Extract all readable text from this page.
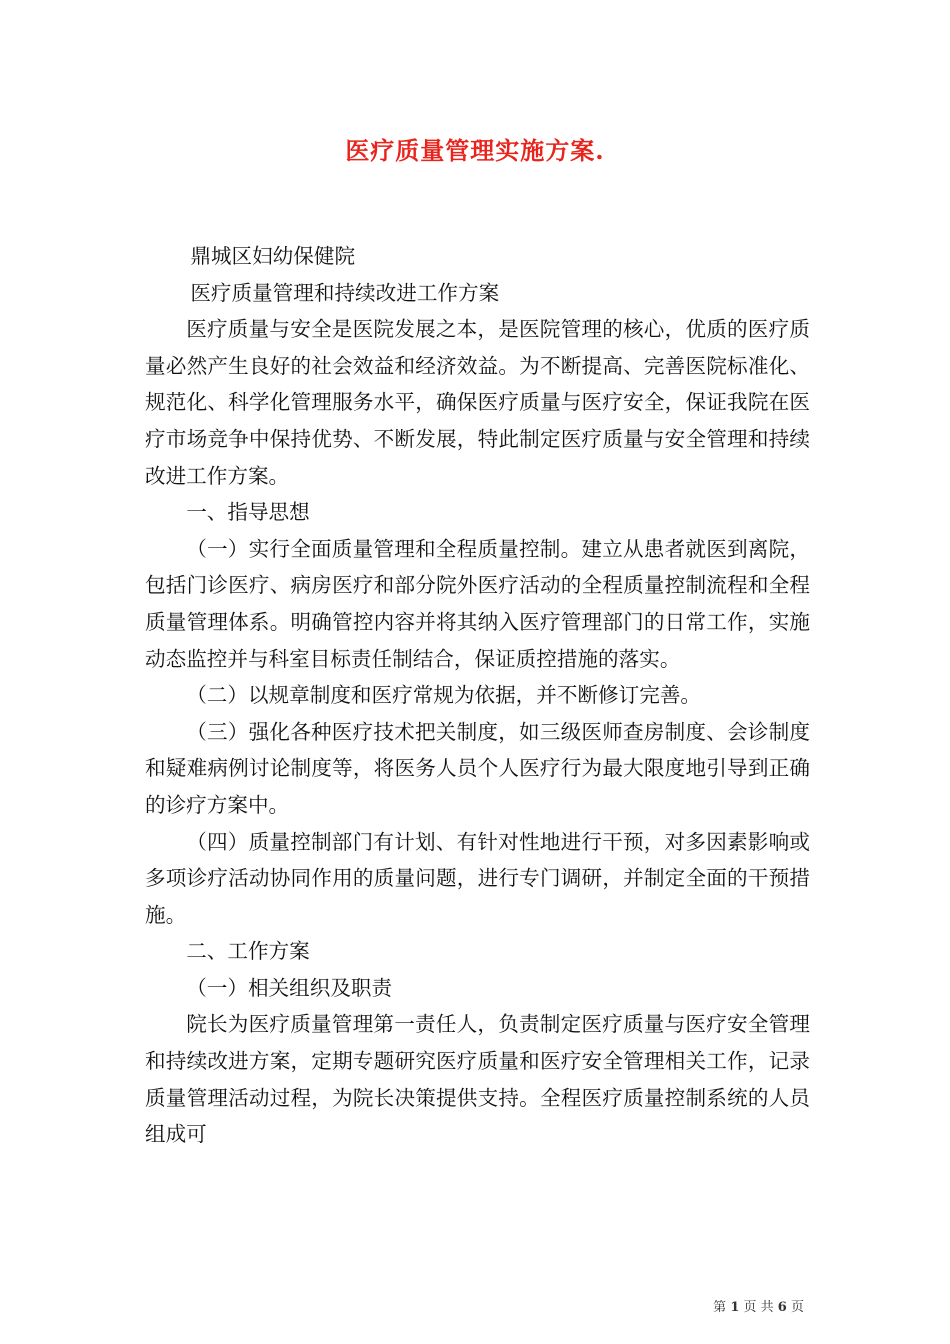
医疗质量管理实施方案.

鼎城区妇幼保健院

医疗质量管理和持续改进工作方案

医疗质量与安全是医院发展之本，是医院管理的核心，优质的医疗质量必然产生良好的社会效益和经济效益。为不断提高、完善医院标准化、规范化、科学化管理服务水平，确保医疗质量与医疗安全，保证我院在医疗市场竞争中保持优势、不断发展，特此制定医疗质量与安全管理和持续改进工作方案。

一、指导思想

（一）实行全面质量管理和全程质量控制。建立从患者就医到离院，包括门诊医疗、病房医疗和部分院外医疗活动的全程质量控制流程和全程质量管理体系。明确管控内容并将其纳入医疗管理部门的日常工作，实施动态监控并与科室目标责任制结合，保证质控措施的落实。

（二）以规章制度和医疗常规为依据，并不断修订完善。

（三）强化各种医疗技术把关制度，如三级医师查房制度、会诊制度和疑难病例讨论制度等，将医务人员个人医疗行为最大限度地引导到正确的诊疗方案中。

（四）质量控制部门有计划、有针对性地进行干预，对多因素影响或多项诊疗活动协同作用的质量问题，进行专门调研，并制定全面的干预措施。

二、工作方案

（一）相关组织及职责

院长为医疗质量管理第一责任人，负责制定医疗质量与医疗安全管理和持续改进方案，定期专题研究医疗质量和医疗安全管理相关工作，记录质量管理活动过程，为院长决策提供支持。全程医疗质量控制系统的人员组成可

第 1 页 共 6 页
